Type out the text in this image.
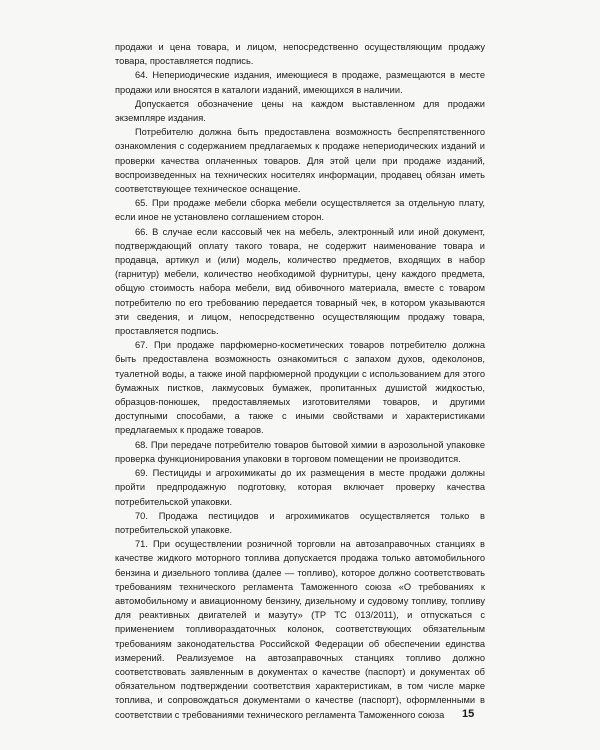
продажи и цена товара, и лицом, непосредственно осуществляющим продажу товара, проставляется подпись.

64. Непериодические издания, имеющиеся в продаже, размещаются в месте продажи или вносятся в каталоги изданий, имеющихся в наличии.

Допускается обозначение цены на каждом выставленном для продажи экземпляре издания.

Потребителю должна быть предоставлена возможность беспрепятственного ознакомления с содержанием предлагаемых к продаже непериодических изданий и проверки качества оплаченных товаров. Для этой цели при продаже изданий, воспроизведенных на технических носителях информации, продавец обязан иметь соответствующее техническое оснащение.

65. При продаже мебели сборка мебели осуществляется за отдельную плату, если иное не установлено соглашением сторон.

66. В случае если кассовый чек на мебель, электронный или иной документ, подтверждающий оплату такого товара, не содержит наименование товара и продавца, артикул и (или) модель, количество предметов, входящих в набор (гарнитур) мебели, количество необходимой фурнитуры, цену каждого предмета, общую стоимость набора мебели, вид обивочного материала, вместе с товаром потребителю по его требованию передается товарный чек, в котором указываются эти сведения, и лицом, непосредственно осуществляющим продажу товара, проставляется подпись.

67. При продаже парфюмерно-косметических товаров потребителю должна быть предоставлена возможность ознакомиться с запахом духов, одеколонов, туалетной воды, а также иной парфюмерной продукции с использованием для этого бумажных пистков, лакмусовых бумажек, пропитанных душистой жидкостью, образцов-понюшек, предоставляемых изготовителями товаров, и другими доступными способами, а также с иными свойствами и характеристиками предлагаемых к продаже товаров.

68. При передаче потребителю товаров бытовой химии в аэрозольной упаковке проверка функционирования упаковки в торговом помещении не производится.

69. Пестициды и агрохимикаты до их размещения в месте продажи должны пройти предпродажную подготовку, которая включает проверку качества потребительской упаковки.

70. Продажа пестицидов и агрохимикатов осуществляется только в потребительской упаковке.

71. При осуществлении розничной торговли на автозаправочных станциях в качестве жидкого моторного топлива допускается продажа только автомобильного бензина и дизельного топлива (далее — топливо), которое должно соответствовать требованиям технического регламента Таможенного союза «О требованиях к автомобильному и авиационному бензину, дизельному и судовому топливу, топливу для реактивных двигателей и мазуту» (ТР ТС 013/2011), и отпускаться с применением топливораздаточных колонок, соответствующих обязательным требованиям законодательства Российской Федерации об обеспечении единства измерений. Реализуемое на автозаправочных станциях топливо должно соответствовать заявленным в документах о качестве (паспорт) и документах об обязательном подтверждении соответствия характеристикам, в том числе марке топлива, и сопровождаться документами о качестве (паспорт), оформленными в соответствии с требованиями технического регламента Таможенного союза	15
